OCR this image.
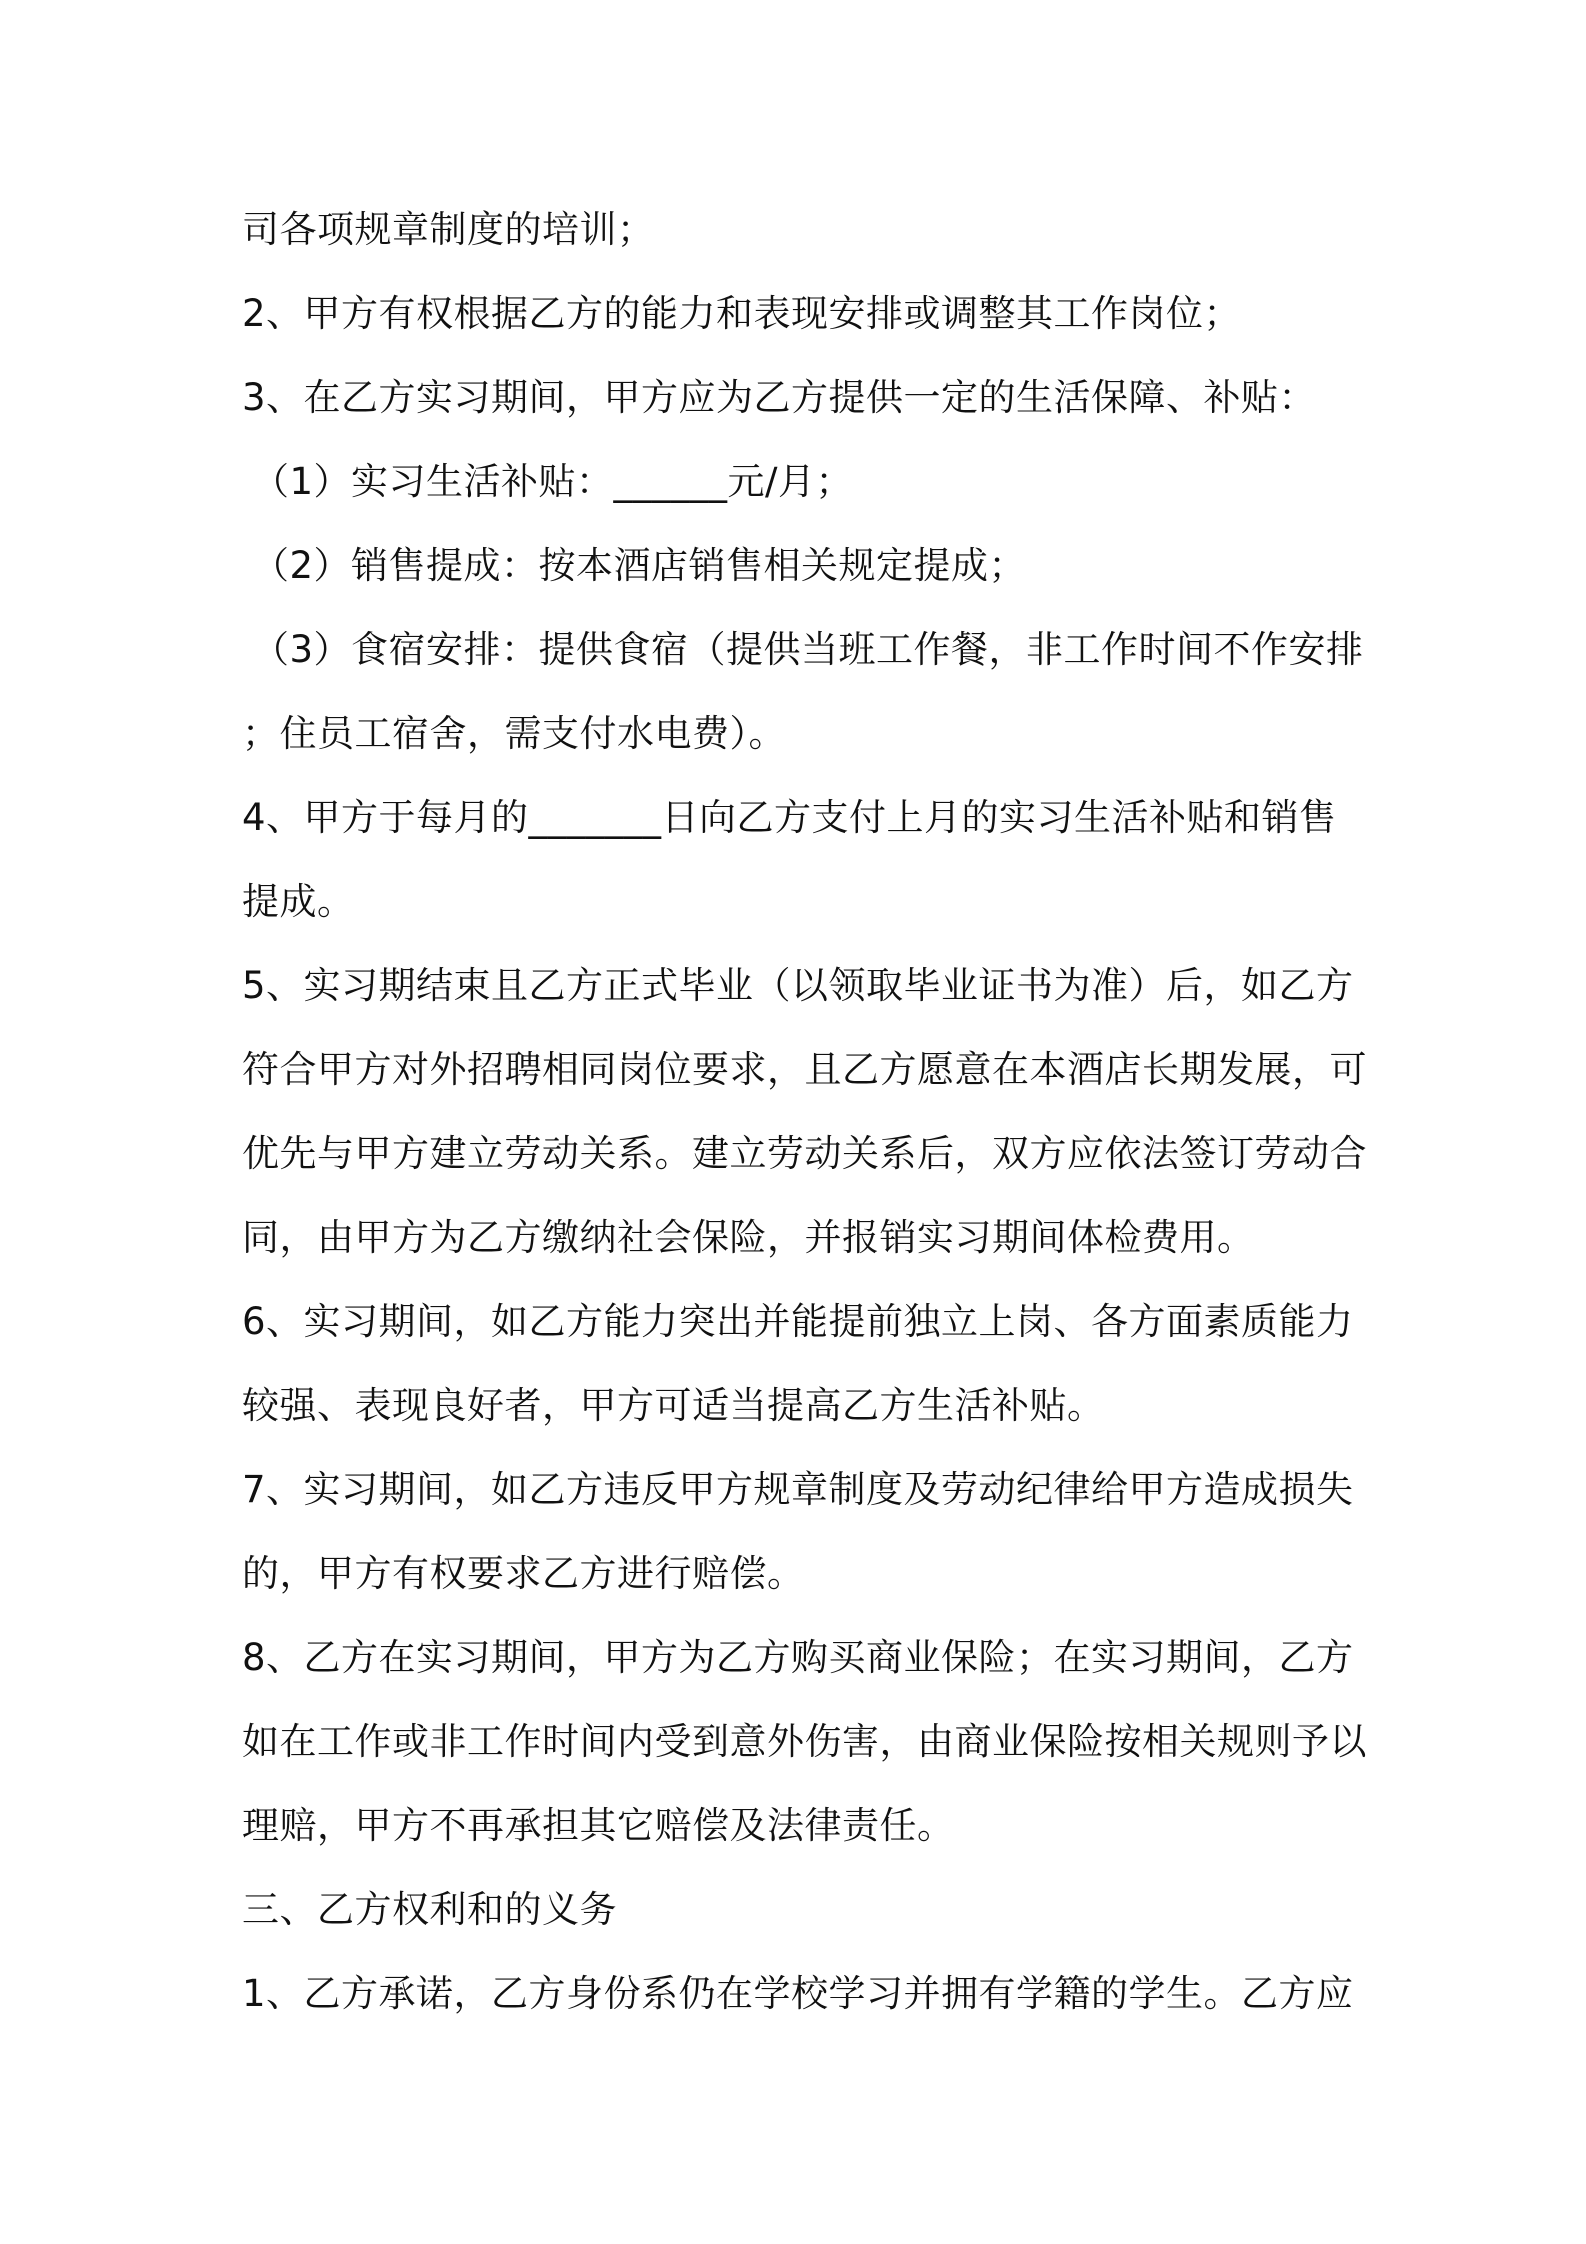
司各项规章制度的培训；
2、甲方有权根据乙方的能力和表现安排或调整其工作岗位；
3、在乙方实习期间，甲方应为乙方提供一定的生活保障、补贴：
（1）实习生活补贴：______元/月；
（2）销售提成：按本酒店销售相关规定提成；
（3）食宿安排：提供食宿（提供当班工作餐，非工作时间不作安排
；住员工宿舍，需支付水电费）。
4、甲方于每月的_______日向乙方支付上月的实习生活补贴和销售
提成。
5、实习期结束且乙方正式毕业（以领取毕业证书为准）后，如乙方
符合甲方对外招聘相同岗位要求，且乙方愿意在本酒店长期发展，可
优先与甲方建立劳动关系。建立劳动关系后，双方应依法签订劳动合
同，由甲方为乙方缴纳社会保险，并报销实习期间体检费用。
6、实习期间，如乙方能力突出并能提前独立上岗、各方面素质能力
较强、表现良好者，甲方可适当提高乙方生活补贴。
7、实习期间，如乙方违反甲方规章制度及劳动纪律给甲方造成损失
的，甲方有权要求乙方进行赔偿。
8、乙方在实习期间，甲方为乙方购买商业保险；在实习期间，乙方
如在工作或非工作时间内受到意外伤害，由商业保险按相关规则予以
理赔，甲方不再承担其它赔偿及法律责任。
三、乙方权利和的义务
1、乙方承诺，乙方身份系仍在学校学习并拥有学籍的学生。乙方应
